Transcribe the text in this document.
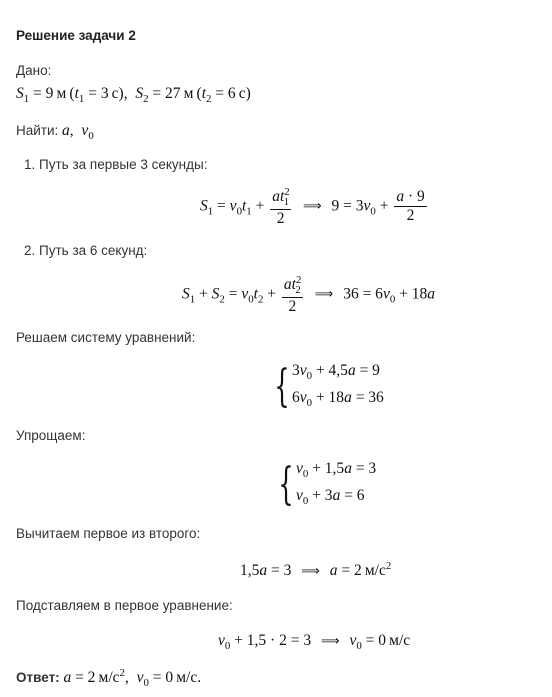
Решение задачи 2
Дано:
$S_1 = 9$ м ($t_1 = 3$ с),  $S_2 = 27$ м ($t_2 = 6$ с)
Найти: a,  $v_0$
1. Путь за первые 3 секунды:
$S_1 = v_0t_1 + \frac{at^2_1}{2}$ ⟹ $9 = 3v_0 + \frac{a \cdot 9}{2}$
2. Путь за 6 секунд:
$S_1 + S_2 = v_0t_2 + \frac{at^2_2}{2}$ ⟹ $36 = 6v_0 + 18a$
Решаем систему уравнений:
{ $3v_0 + 4,5a = 9$
$6v_0 + 18a = 36$
Упрощаем:
{ $v_0 + 1,5a = 3$
$v_0 + 3a = 6$
Вычитаем первое из второго:
1,5a = 3 ⟹ a = 2 $м/с^2$
Подставляем в первое уравнение:
$v_0 + 1,5 \cdot 2 = 3$ ⟹ $v_0 = 0$ м/с
Ответ: a = 2 $м/с^2$,  $v_0 = 0$ м/с.
